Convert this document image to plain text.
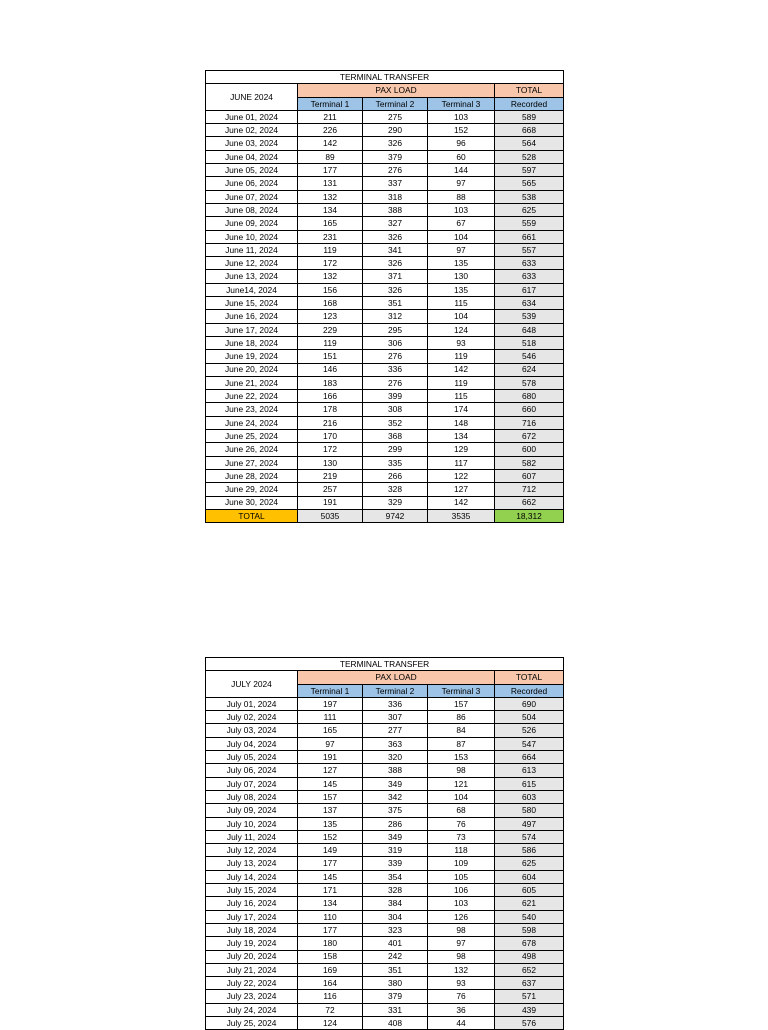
TERMINAL TRANSFER				
JUNE 2024	PAX LOAD			TOTAL
	Terminal 1	Terminal 2	Terminal 3	Recorded
June 01, 2024	211	275	103	589
June 02, 2024	226	290	152	668
June 03, 2024	142	326	96	564
June 04, 2024	89	379	60	528
June 05, 2024	177	276	144	597
June 06, 2024	131	337	97	565
June 07, 2024	132	318	88	538
June 08, 2024	134	388	103	625
June 09, 2024	165	327	67	559
June 10, 2024	231	326	104	661
June 11, 2024	119	341	97	557
June 12, 2024	172	326	135	633
June 13, 2024	132	371	130	633
June14, 2024	156	326	135	617
June 15, 2024	168	351	115	634
June 16, 2024	123	312	104	539
June 17, 2024	229	295	124	648
June 18, 2024	119	306	93	518
June 19, 2024	151	276	119	546
June 20, 2024	146	336	142	624
June 21, 2024	183	276	119	578
June 22, 2024	166	399	115	680
June 23, 2024	178	308	174	660
June 24, 2024	216	352	148	716
June 25, 2024	170	368	134	672
June 26, 2024	172	299	129	600
June 27, 2024	130	335	117	582
June 28, 2024	219	266	122	607
June 29, 2024	257	328	127	712
June 30, 2024	191	329	142	662
TOTAL	5035	9742	3535	18,312
TERMINAL TRANSFER				
JULY 2024	PAX LOAD			TOTAL
	Terminal 1	Terminal 2	Terminal 3	Recorded
July 01, 2024	197	336	157	690
July 02, 2024	111	307	86	504
July 03, 2024	165	277	84	526
July 04, 2024	97	363	87	547
July 05, 2024	191	320	153	664
July 06, 2024	127	388	98	613
July 07, 2024	145	349	121	615
July 08, 2024	157	342	104	603
July 09, 2024	137	375	68	580
July 10, 2024	135	286	76	497
July 11, 2024	152	349	73	574
July 12, 2024	149	319	118	586
July 13, 2024	177	339	109	625
July 14, 2024	145	354	105	604
July 15, 2024	171	328	106	605
July 16, 2024	134	384	103	621
July 17, 2024	110	304	126	540
July 18, 2024	177	323	98	598
July 19, 2024	180	401	97	678
July 20, 2024	158	242	98	498
July 21, 2024	169	351	132	652
July 22, 2024	164	380	93	637
July 23, 2024	116	379	76	571
July 24, 2024	72	331	36	439
July 25, 2024	124	408	44	576
